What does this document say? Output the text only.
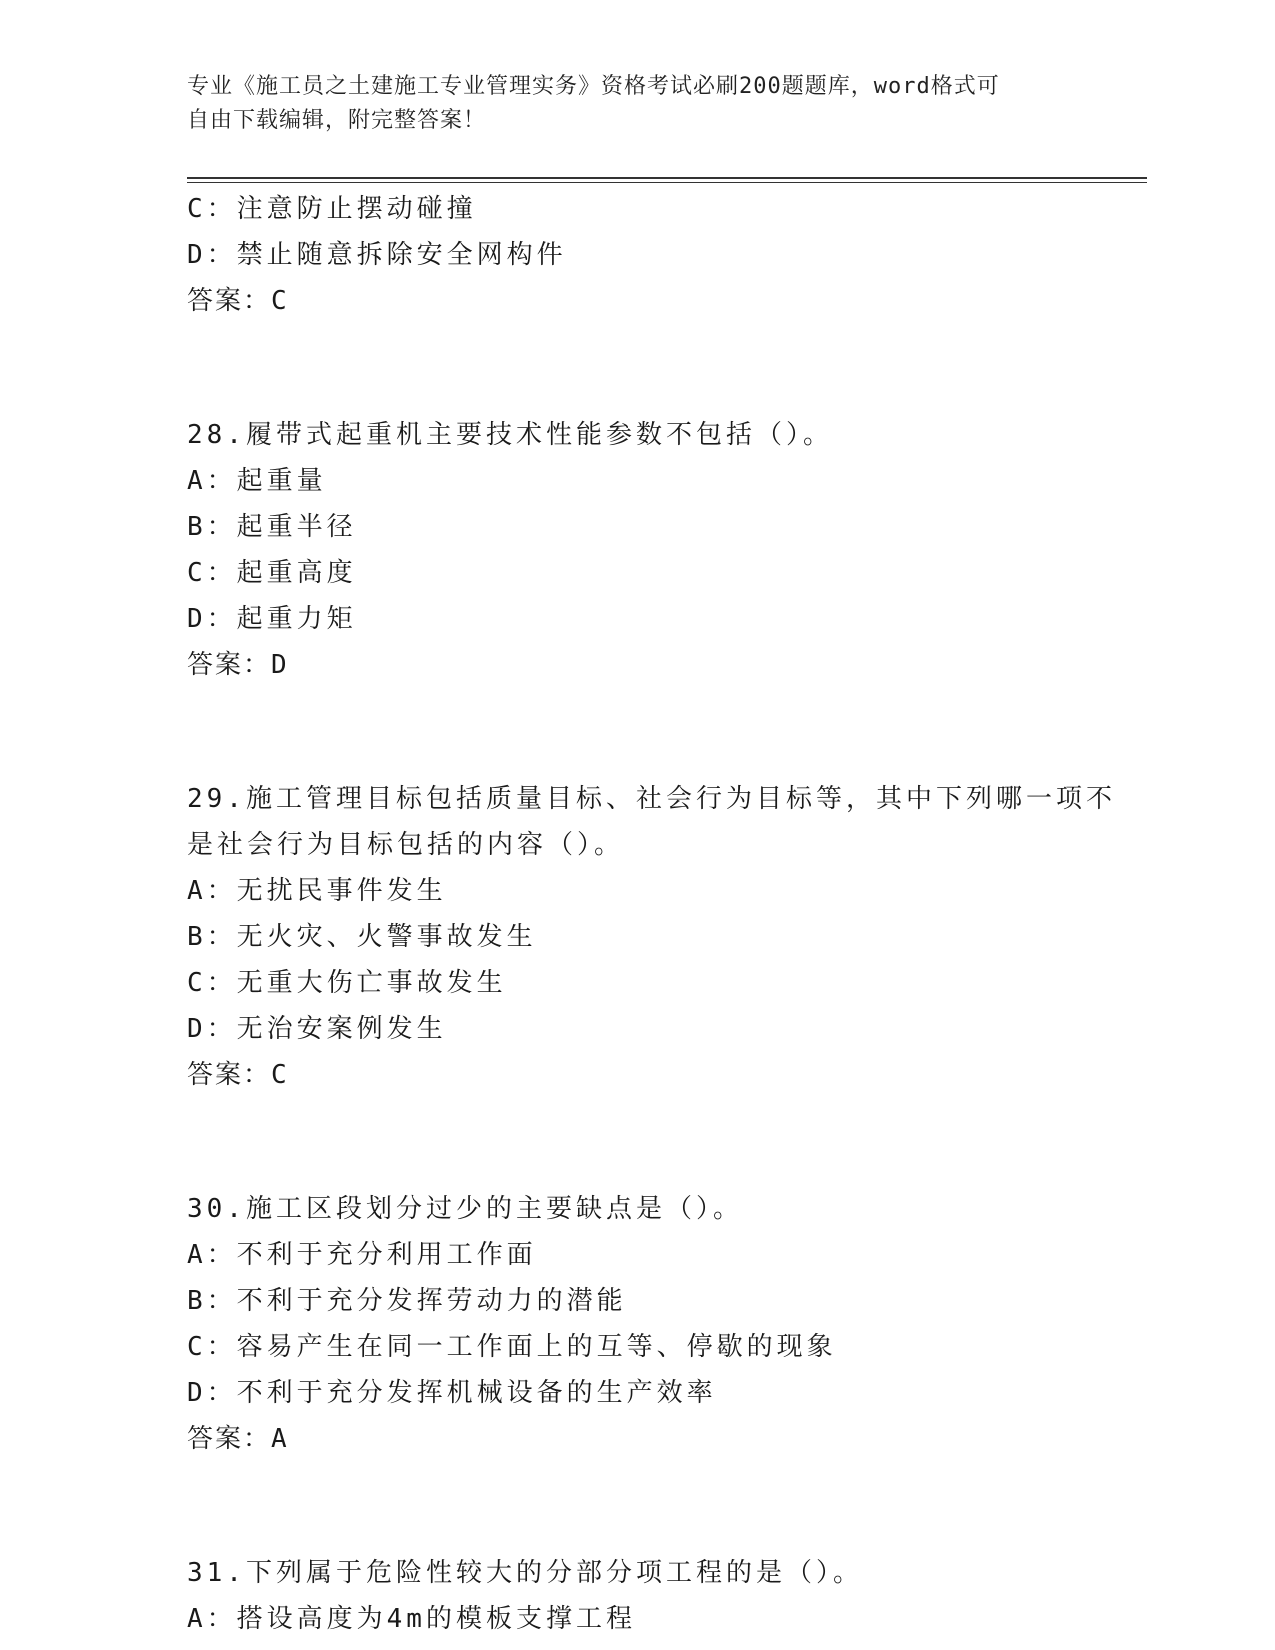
专业《施工员之土建施工专业管理实务》资格考试必刷200题题库，word格式可
自由下载编辑，附完整答案！
C：注意防止摆动碰撞
D：禁止随意拆除安全网构件
答案：C
28.履带式起重机主要技术性能参数不包括（）。
A：起重量
B：起重半径
C：起重高度
D：起重力矩
答案：D
29.施工管理目标包括质量目标、社会行为目标等，其中下列哪一项不
是社会行为目标包括的内容（）。
A：无扰民事件发生
B：无火灾、火警事故发生
C：无重大伤亡事故发生
D：无治安案例发生
答案：C
30.施工区段划分过少的主要缺点是（）。
A：不利于充分利用工作面
B：不利于充分发挥劳动力的潜能
C：容易产生在同一工作面上的互等、停歇的现象
D：不利于充分发挥机械设备的生产效率
答案：A
31.下列属于危险性较大的分部分项工程的是（）。
A：搭设高度为4m的模板支撑工程
